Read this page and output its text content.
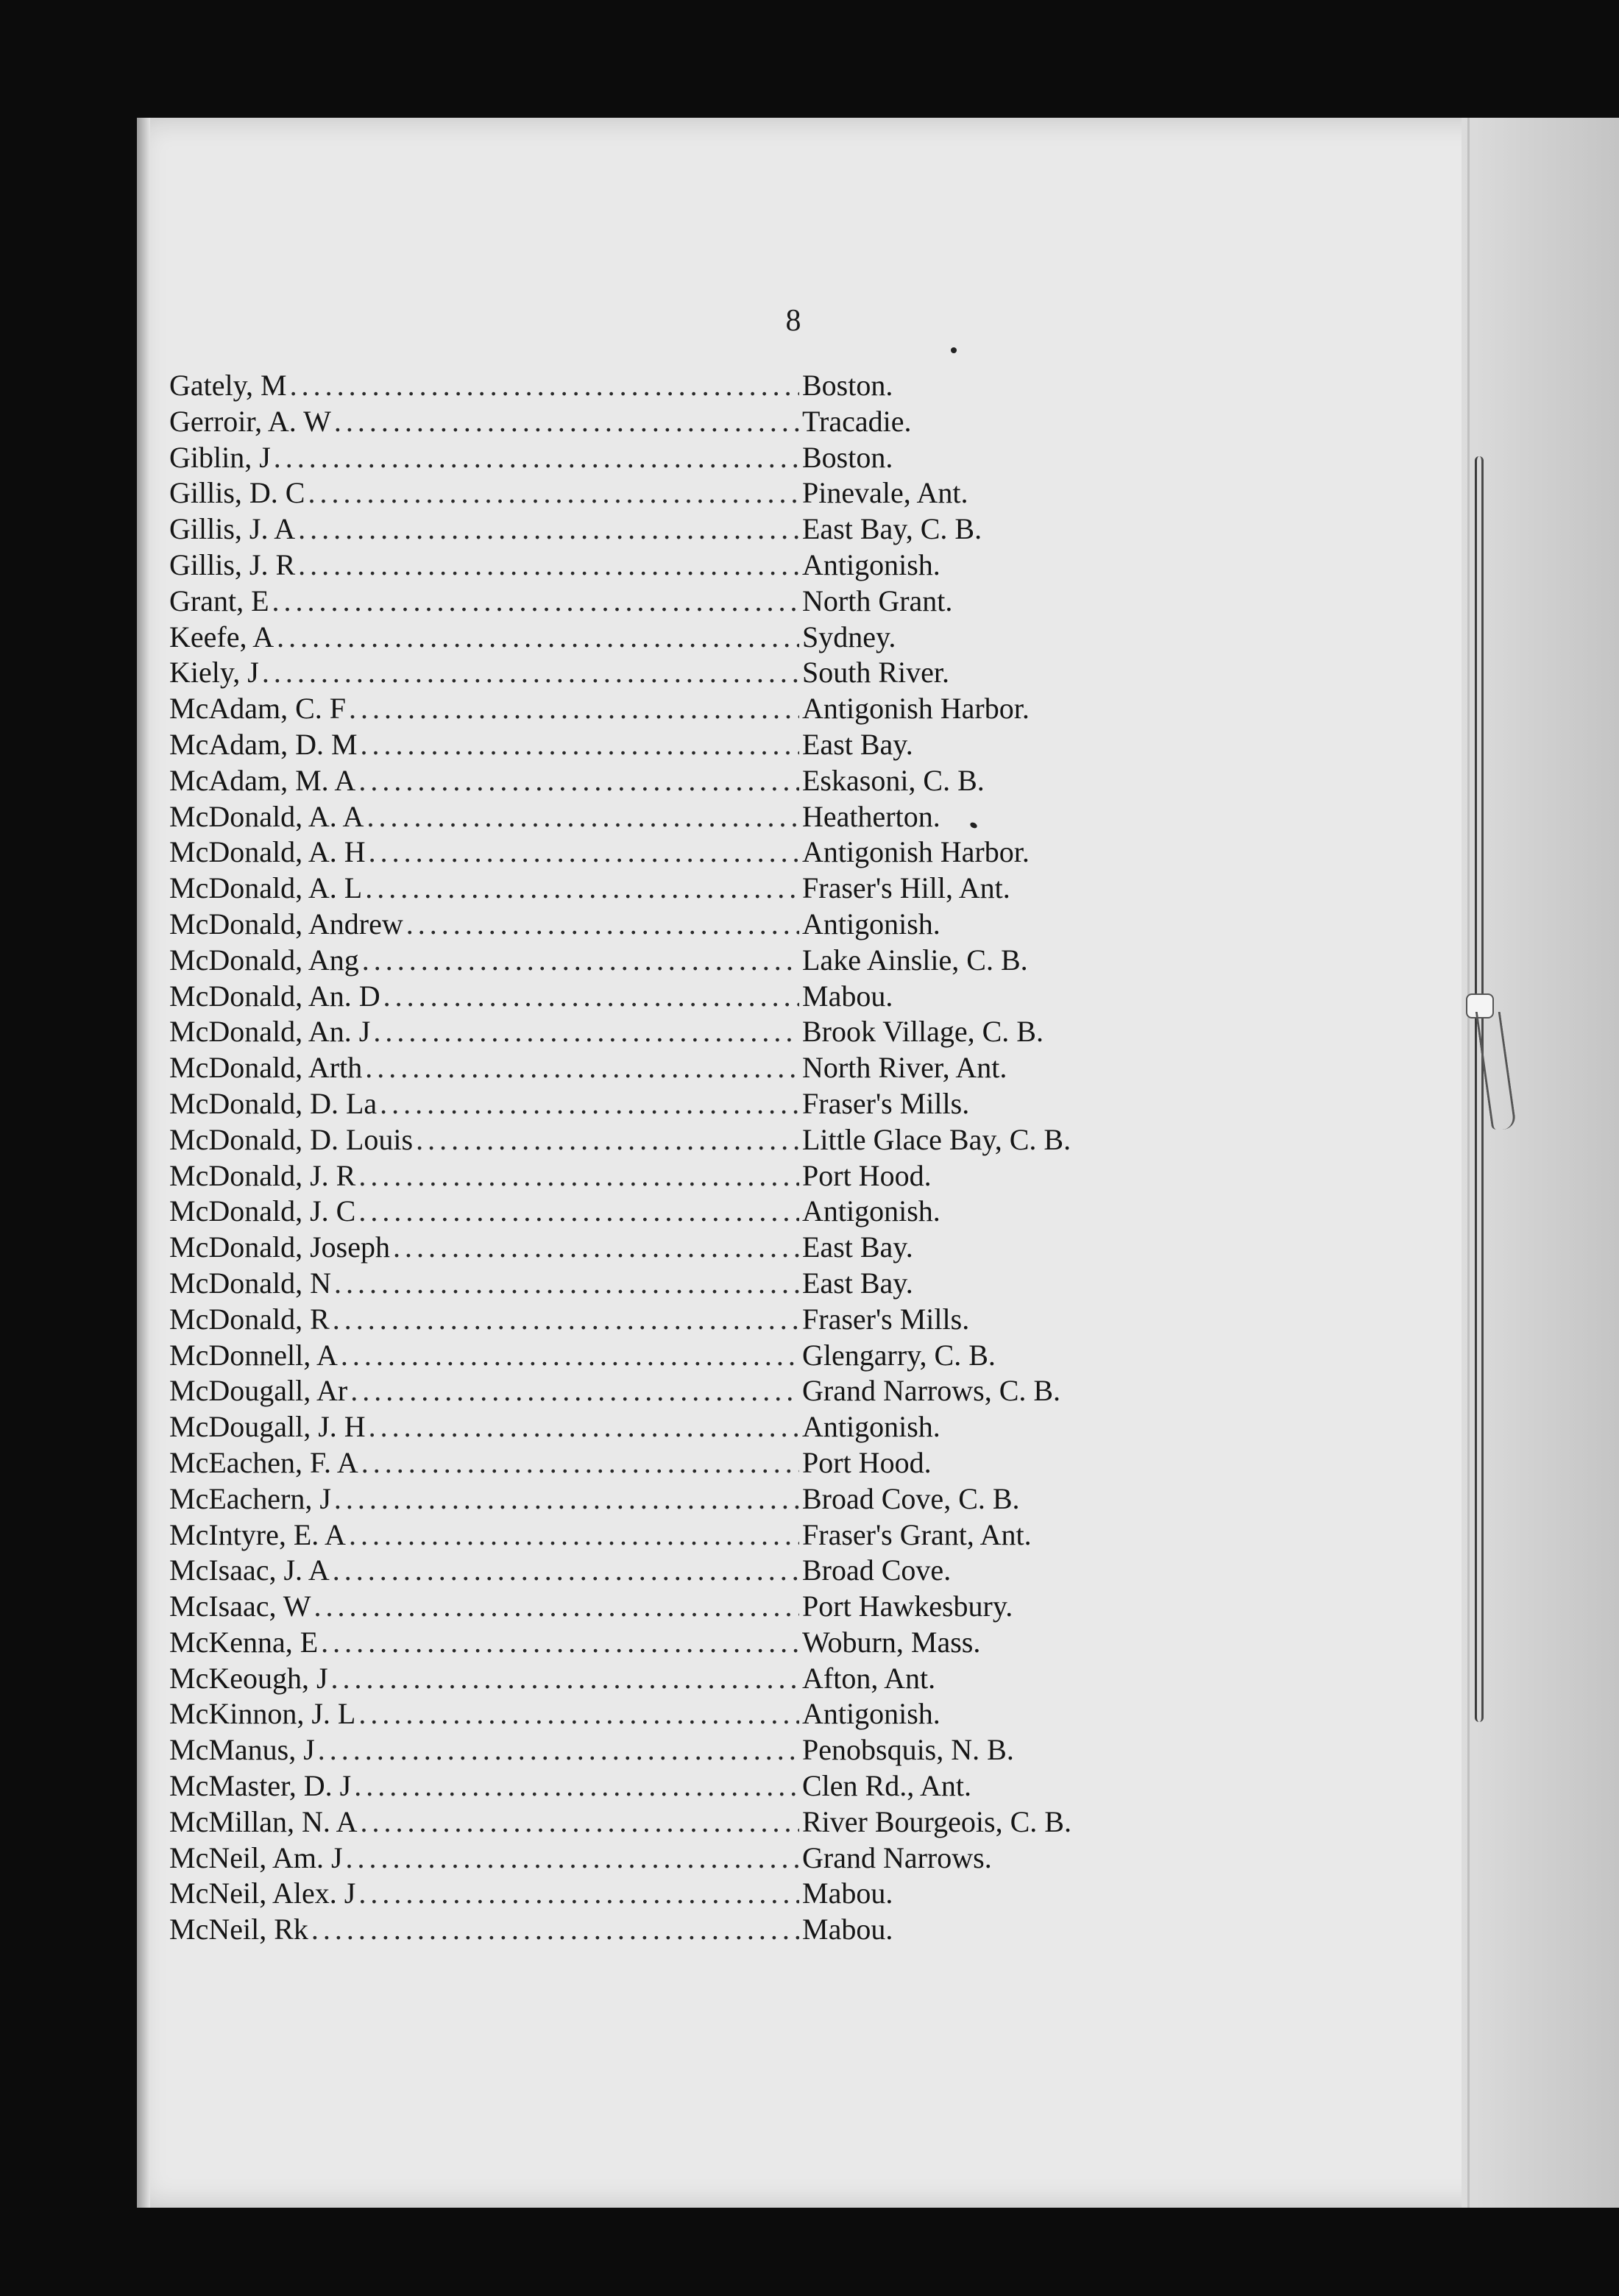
8
Gately, M .....	Boston.
Gerroir, A. W .....	Tracadie.
Giblin, J .....	Boston.
Gillis, D. C .....	Pinevale, Ant.
Gillis, J. A .....	East Bay, C. B.
Gillis, J. R .....	Antigonish.
Grant, E .....	North Grant.
Keefe, A .....	Sydney.
Kiely, J .....	South River.
McAdam, C. F .....	Antigonish Harbor.
McAdam, D. M .....	East Bay.
McAdam, M. A .....	Eskasoni, C. B.
McDonald, A. A .....	Heatherton.
McDonald, A. H .....	Antigonish Harbor.
McDonald, A. L .....	Fraser's Hill, Ant.
McDonald, Andrew .....	Antigonish.
McDonald, Ang .....	Lake Ainslie, C. B.
McDonald, An. D .....	Mabou.
McDonald, An. J .....	Brook Village, C. B.
McDonald, Arth .....	North River, Ant.
McDonald, D. La .....	Fraser's Mills.
McDonald, D. Louis .....	Little Glace Bay, C. B.
McDonald, J. R .....	Port Hood.
McDonald, J. C .....	Antigonish.
McDonald, Joseph .....	East Bay.
McDonald, N .....	East Bay.
McDonald, R .....	Fraser's Mills.
McDonnell, A .....	Glengarry, C. B.
McDougall, Ar .....	Grand Narrows, C. B.
McDougall, J. H .....	Antigonish.
McEachen, F. A .....	Port Hood.
McEachern, J .....	Broad Cove, C. B.
McIntyre, E. A .....	Fraser's Grant, Ant.
McIsaac, J. A .....	Broad Cove.
McIsaac, W .....	Port Hawkesbury.
McKenna, E .....	Woburn, Mass.
McKeough, J .....	Afton, Ant.
McKinnon, J. L .....	Antigonish.
McManus, J .....	Penobsquis, N. B.
McMaster, D. J .....	Clen Rd., Ant.
McMillan, N. A .....	River Bourgeois, C. B.
McNeil, Am. J .....	Grand Narrows.
McNeil, Alex. J .....	Mabou.
McNeil, Rk .....	Mabou.
